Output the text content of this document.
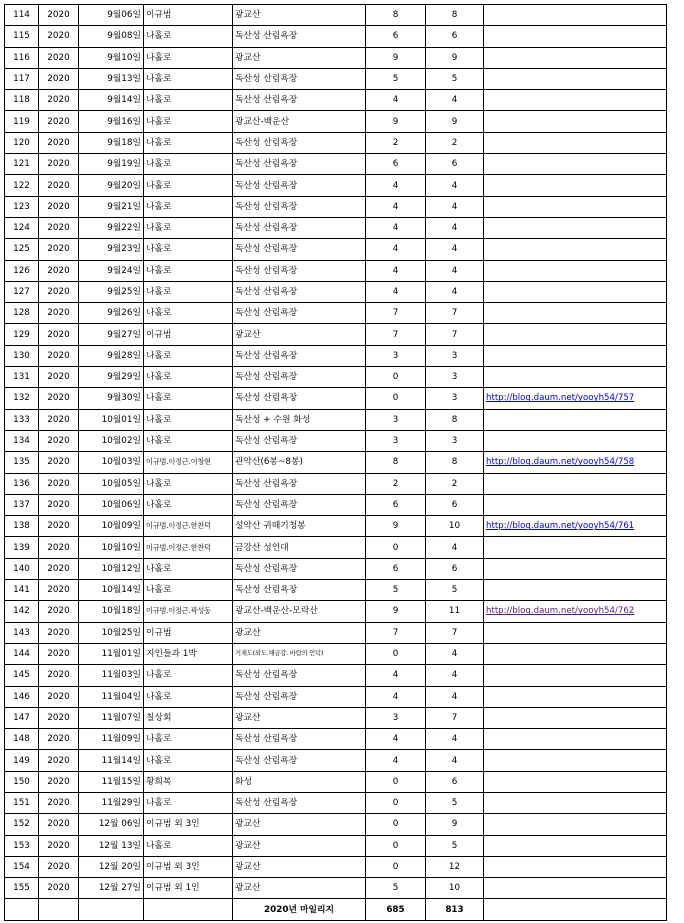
114	2020	9월06일	이규범	광교산	8	8	
115	2020	9월08일	나홀로	독산성 산림욕장	6	6	
116	2020	9월10일	나홀로	광교산	9	9	
117	2020	9월13일	나홀로	독산성 산림욕장	5	5	
118	2020	9월14일	나홀로	독산성 산림욕장	4	4	
119	2020	9월16일	나홀로	광교산-백운산	9	9	
120	2020	9월18일	나홀로	독산성 산림욕장	2	2	
121	2020	9월19일	나홀로	독산성 산림욕장	6	6	
122	2020	9월20일	나홀로	독산성 산림욕장	4	4	
123	2020	9월21일	나홀로	독산성 산림욕장	4	4	
124	2020	9월22일	나홀로	독산성 산림욕장	4	4	
125	2020	9월23일	나홀로	독산성 산림욕장	4	4	
126	2020	9월24일	나홀로	독산성 산림욕장	4	4	
127	2020	9월25일	나홀로	독산성 산림욕장	4	4	
128	2020	9월26일	나홀로	독산성 산림욕장	7	7	
129	2020	9월27일	이규범	광교산	7	7	
130	2020	9월28일	나홀로	독산성 산림욕장	3	3	
131	2020	9월29일	나홀로	독산성 산림욕장	0	3	
132	2020	9월30일	나홀로	독산성 산림욕장	0	3	http://blog.daum.net/yooyh54/757
133	2020	10월01일	나홀로	독산성 + 수원 화성	3	8	
134	2020	10월02일	나홀로	독산성 산림욕장	3	3	
135	2020	10월03일	이규범.이정근.이창현	관악산(6봉~8봉)	8	8	http://blog.daum.net/yooyh54/758
136	2020	10월05일	나홀로	독산성 산림욕장	2	2	
137	2020	10월06일	나홀로	독산성 산림욕장	6	6	
138	2020	10월09일	이규범.이정근.한찬덕	설악산 귀때기청봉	9	10	http://blog.daum.net/yooyh54/761
139	2020	10월10일	이규범.이정근.한찬덕	금강산 성인대	0	4	
140	2020	10월12일	나홀로	독산성 산림욕장	6	6	
141	2020	10월14일	나홀로	독산성 산림욕장	5	5	
142	2020	10월18일	이규범.이정근.곽성동	광교산-백운산-모락산	9	11	http://blog.daum.net/yooyh54/762
143	2020	10월25일	이규범	광교산	7	7	
144	2020	11월01일	지인들과 1박	거제도(외도.해금강. 바람의 언덕)	0	4	
145	2020	11월03일	나홀로	독산성 산림욕장	4	4	
146	2020	11월04일	나홀로	독산성 산림욕장	4	4	
147	2020	11월07일	칠상회	광교산	3	7	
148	2020	11월09일	나홀로	독산성 산림욕장	4	4	
149	2020	11월14일	나홀로	독산성 산림욕장	4	4	
150	2020	11월15일	황희복	화성	0	6	
151	2020	11월29일	나홀로	독산성 산림욕장	0	5	
152	2020	12월 06일	이규범 외 3인	광교산	0	9	
153	2020	12월 13일	나홀로	광교산	0	5	
154	2020	12월 20일	이규범 외 3인	광교산	0	12	
155	2020	12월 27일	이규범 외 1인	광교산	5	10	
				2020년 마일리지	685	813	
